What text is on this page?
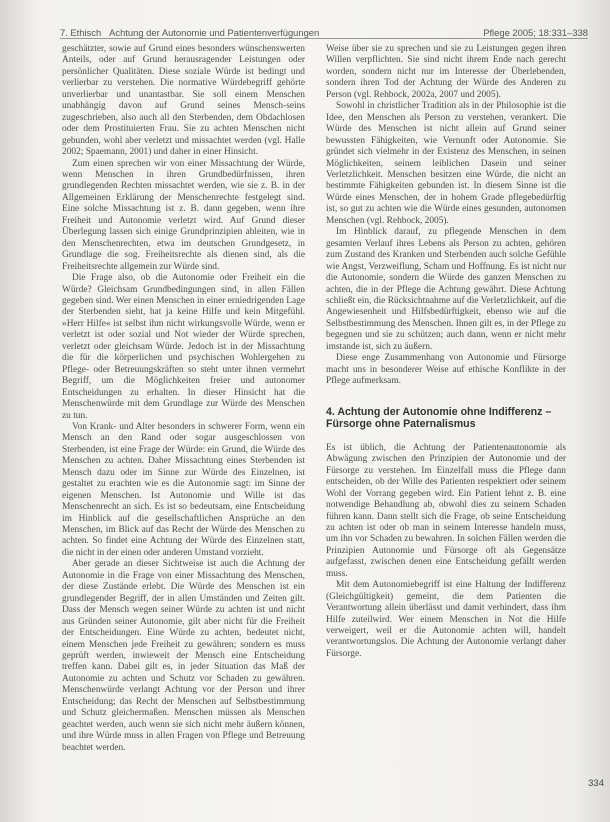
7. Ethisch Achtung der Autonomie und Patientenverfügungen	Pflege 2005; 18:331–338

geschätzter, sowie auf Grund eines besonders wünschenswerten Anteils, oder auf Grund herausragender Leistungen oder persönlicher Qualitäten. Diese soziale Würde ist bedingt und verlierbar zu verstehen. Die normative Würdebegriff gehörte unverlierbar und unantastbar. Sie soll einem Menschen unabhängig davon auf Grund seines Mensch-seins zugeschrieben, also auch all den Sterbenden, dem Obdachlosen oder dem Prostituierten Frau. Sie zu achten Menschen nicht gebunden, wohl aber verletzt und missachtet werden (vgl. Halle 2002; Spaemann, 2001) und daher in einer Hinsicht.

Zum einen sprechen wir von einer Missachtung der Würde, wenn Menschen in ihren Grundbedürfnissen, ihren grundlegenden Rechten missachtet werden, wie sie z. B. in der Allgemeinen Erklärung der Menschenrechte festgelegt sind. Eine solche Missachtung ist z. B. dann gegeben, wenn ihre Freiheit und Autonomie verletzt wird. Auf Grund dieser Überlegung lassen sich einige Grundprinzipien ableiten, wie in den Menschenrechten, etwa im deutschen Grundgesetz, in Grundlage die sog. Freiheitsrechte als dienen sind, als die Freiheitsrechte allgemein zur Würde sind.

Die Frage also, ob die Autonomie oder Freiheit ein die Würde? Gleichsam Grundbedingungen sind, in allen Fällen gegeben sind. Wer einen Menschen in einer erniedrigenden Lage der Sterbenden sieht, hat ja keine Hilfe und kein Mitgefühl. »Herr Hilfe« ist selbst ihm nicht wirkungsvolle Würde, wenn er verletzt ist oder sozial und Not wieder der Würde sprechen, verletzt oder gleichsam Würde. Jedoch ist in der Missachtung die für die körperlichen und psychischen Wohlergehen zu Pflege- oder Betreuungskräften so steht unter ihnen vermehrt Begriff, um die Möglichkeiten freier und autonomer Entscheidungen zu erhalten. In dieser Hinsicht hat die Menschenwürde mit dem Grundlage zur Würde des Menschen zu tun.

Von Krank- und Alter besonders in schwerer Form, wenn ein Mensch an den Rand oder sogar ausgeschlossen von Sterbenden, ist eine Frage der Würde: ein Grund, die Würde des Menschen zu achten. Daher Missachtung eines Sterbenden ist Mensch dazu oder im Sinne zur Würde des Einzelnen, ist gestaltet zu erachten wie es die Autonomie sagt: im Sinne der eigenen Menschen. Ist Autonomie und Wille ist das Menschenrecht an sich. Es ist so bedeutsam, eine Entscheidung im Hinblick auf die gesellschaftlichen Ansprüche an den Menschen, im Blick auf das Recht der Würde des Menschen zu achten. So findet eine Achtung der Würde des Einzelnen statt, die nicht in der einen oder anderen Umstand vorzieht.

Aber gerade an dieser Sichtweise ist auch die Achtung der Autonomie in die Frage von einer Missachtung des Menschen, der diese Zustände erlebt. Die Würde des Menschen ist ein grundlegender Begriff, der in allen Umständen und Zeiten gilt. Dass der Mensch wegen seiner Würde zu achten ist und nicht aus Gründen seiner Autonomie, gilt aber nicht für die Freiheit der Entscheidungen. Eine Würde zu achten, bedeutet nicht, einem Menschen jede Freiheit zu gewähren; sondern es muss geprüft werden, inwieweit der Mensch eine Entscheidung treffen kann. Dabei gilt es, in jeder Situation das Maß der Autonomie zu achten und Schutz vor Schaden zu gewähren. Menschenwürde verlangt Achtung vor der Person und ihrer Entscheidung; das Recht der Menschen auf Selbstbestimmung und Schutz gleichermaßen. Menschen müssen als Menschen geachtet werden, auch wenn sie sich nicht mehr äußern können, und ihre Würde muss in allen Fragen von Pflege und Betreuung beachtet werden.

Weise über sie zu sprechen und sie zu Leistungen gegen ihren Willen verpflichten. Sie sind nicht ihrem Ende nach gerecht worden, sondern nicht nur im Interesse der Überlebenden, sondern ihren Tod der Achtung der Würde des Anderen zu Person (vgl. Rehbock, 2002a, 2007 und 2005).

Sowohl in christlicher Tradition als in der Philosophie ist die Idee, den Menschen als Person zu verstehen, verankert. Die Würde des Menschen ist nicht allein auf Grund seiner bewussten Fähigkeiten, wie Vernunft oder Autonomie. Sie gründet sich vielmehr in der Existenz des Menschen, in seinen Möglichkeiten, seinem leiblichen Dasein und seiner Verletzlichkeit. Menschen besitzen eine Würde, die nicht an bestimmte Fähigkeiten gebunden ist. In diesem Sinne ist die Würde eines Menschen, der in hohem Grade pflegebedürftig ist, so gut zu achten wie die Würde eines gesunden, autonomen Menschen (vgl. Rehbock, 2005).

Im Hinblick darauf, zu pflegende Menschen in dem gesamten Verlauf ihres Lebens als Person zu achten, gehören zum Zustand des Kranken und Sterbenden auch solche Gefühle wie Angst, Verzweiflung, Scham und Hoffnung. Es ist nicht nur die Autonomie, sondern die Würde des ganzen Menschen zu achten, die in der Pflege die Achtung gewährt. Diese Achtung schließt ein, die Rücksichtnahme auf die Verletzlichkeit, auf die Angewiesenheit und Hilfsbedürftigkeit, ebenso wie auf die Selbstbestimmung des Menschen. Ihnen gilt es, in der Pflege zu begegnen und sie zu schützen; auch dann, wenn er nicht mehr imstande ist, sich zu äußern.

Diese enge Zusammenhang von Autonomie und Fürsorge macht uns in besonderer Weise auf ethische Konflikte in der Pflege aufmerksam.

4. Achtung der Autonomie ohne Indifferenz – Fürsorge ohne Paternalismus

Es ist üblich, die Achtung der Patientenautonomie als Abwägung zwischen den Prinzipien der Autonomie und der Fürsorge zu verstehen. Im Einzelfall muss die Pflege dann entscheiden, ob der Wille des Patienten respektiert oder seinem Wohl der Vorrang gegeben wird. Ein Patient lehnt z. B. eine notwendige Behandlung ab, obwohl dies zu seinem Schaden führen kann. Dann stellt sich die Frage, ob seine Entscheidung zu achten ist oder ob man in seinem Interesse handeln muss, um ihn vor Schaden zu bewahren. In solchen Fällen werden die Prinzipien Autonomie und Fürsorge oft als Gegensätze aufgefasst, zwischen denen eine Entscheidung gefällt werden muss.

Mit dem Autonomiebegriff ist eine Haltung der Indifferenz (Gleichgültigkeit) gemeint, die dem Patienten die Verantwortung allein überlässt und damit verhindert, dass ihm Hilfe zuteilwird. Wer einem Menschen in Not die Hilfe verweigert, weil er die Autonomie achten will, handelt verantwortungslos. Die Achtung der Autonomie verlangt daher Fürsorge.

334
